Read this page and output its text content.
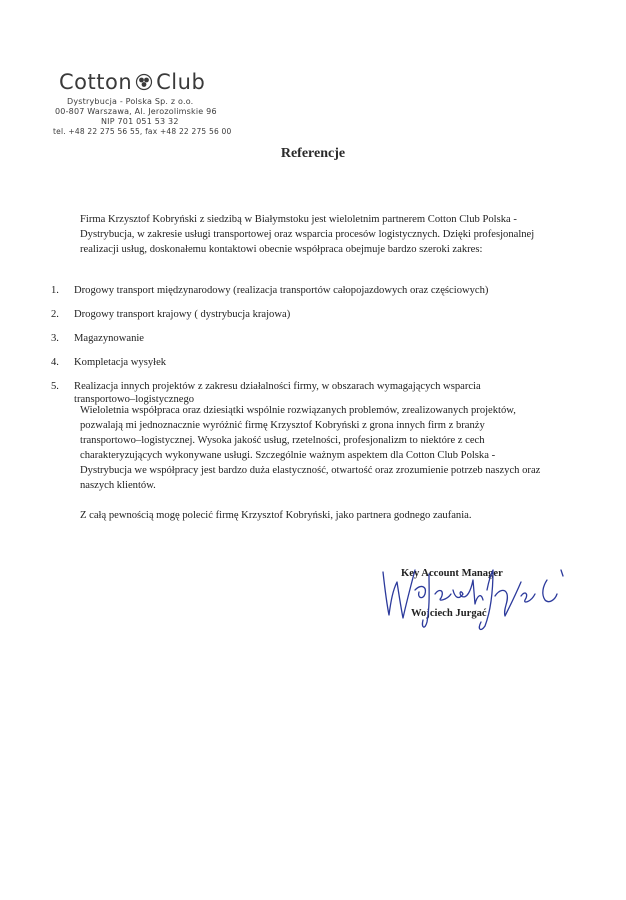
Cotton Club
Dystrybucja - Polska Sp. z o.o.
00-807 Warszawa, Al. Jerozolimskie 96
NIP 701 051 53 32
tel. +48 22 275 56 55, fax +48 22 275 56 00
Referencje
Firma Krzysztof Kobryński z siedzibą w Białymstoku jest wieloletnim partnerem Cotton Club Polska - Dystrybucja, w zakresie usługi transportowej oraz wsparcia procesów logistycznych. Dzięki profesjonalnej realizacji usług, doskonałemu kontaktowi obecnie współpraca obejmuje bardzo szeroki zakres:
1. Drogowy transport międzynarodowy (realizacja transportów całopojazdowych oraz częściowych)
2. Drogowy transport krajowy ( dystrybucja krajowa)
3. Magazynowanie
4. Kompletacja wysyłek
5. Realizacja innych projektów z zakresu działalności firmy, w obszarach wymagających wsparcia transportowo–logistycznego
Wieloletnia współpraca oraz dziesiątki wspólnie rozwiązanych problemów, zrealizowanych projektów, pozwalają mi jednoznacznie wyróżnić firmę Krzysztof Kobryński z grona innych firm z branży transportowo–logistycznej. Wysoka jakość usług, rzetelności, profesjonalizm to niektóre z cech charakteryzujących wykonywane usługi. Szczególnie ważnym aspektem dla Cotton Club Polska - Dystrybucja we współpracy jest bardzo duża elastyczność, otwartość oraz zrozumienie potrzeb naszych oraz naszych klientów.
Z całą pewnością mogę polecić firmę Krzysztof Kobryński, jako partnera godnego zaufania.
Key Account Manager
Wojciech Jurgać
